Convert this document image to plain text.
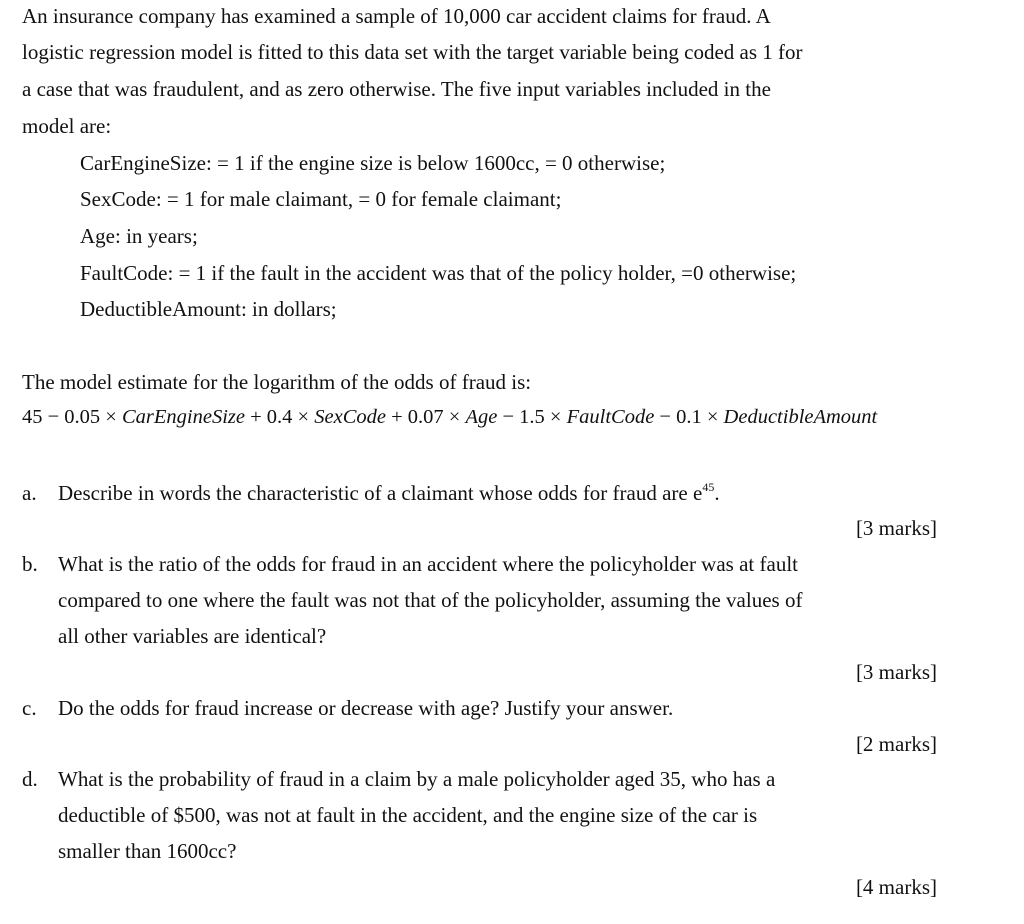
An insurance company has examined a sample of 10,000 car accident claims for fraud. A
logistic regression model is fitted to this data set with the target variable being coded as 1 for
a case that was fraudulent, and as zero otherwise. The five input variables included in the
model are:
CarEngineSize: = 1 if the engine size is below 1600cc, = 0 otherwise;
SexCode: = 1 for male claimant, = 0 for female claimant;
Age: in years;
FaultCode: = 1 if the fault in the accident was that of the policy holder, =0 otherwise;
DeductibleAmount: in dollars;
The model estimate for the logarithm of the odds of fraud is:
45 − 0.05 × CarEngineSize + 0.4 × SexCode + 0.07 × Age − 1.5 × FaultCode − 0.1 × DeductibleAmount
a. Describe in words the characteristic of a claimant whose odds for fraud are $e^{45}$.
[3 marks]
b. What is the ratio of the odds for fraud in an accident where the policyholder was at fault
compared to one where the fault was not that of the policyholder, assuming the values of
all other variables are identical?
[3 marks]
c. Do the odds for fraud increase or decrease with age? Justify your answer.
[2 marks]
d. What is the probability of fraud in a claim by a male policyholder aged 35, who has a
deductible of $500, was not at fault in the accident, and the engine size of the car is
smaller than 1600cc?
[4 marks]
